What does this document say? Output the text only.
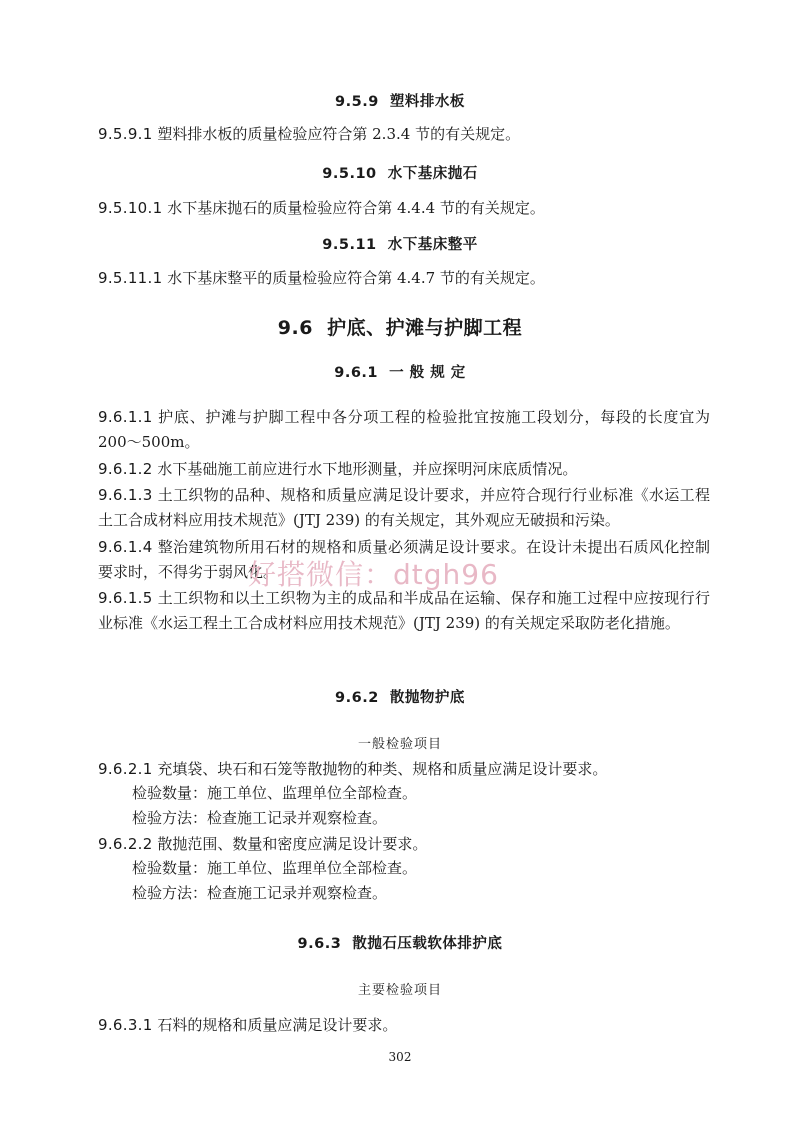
9.5.9  塑料排水板
9.5.9.1 塑料排水板的质量检验应符合第 2.3.4 节的有关规定。
9.5.10  水下基床抛石
9.5.10.1 水下基床抛石的质量检验应符合第 4.4.4 节的有关规定。
9.5.11  水下基床整平
9.5.11.1 水下基床整平的质量检验应符合第 4.4.7 节的有关规定。
9.6  护底、护滩与护脚工程
9.6.1  一 般 规 定
9.6.1.1 护底、护滩与护脚工程中各分项工程的检验批宜按施工段划分，每段的长度宜为200～500m。
9.6.1.2 水下基础施工前应进行水下地形测量，并应探明河床底质情况。
9.6.1.3 土工织物的品种、规格和质量应满足设计要求，并应符合现行行业标准《水运工程土工合成材料应用技术规范》(JTJ 239) 的有关规定，其外观应无破损和污染。
9.6.1.4 整治建筑物所用石材的规格和质量必须满足设计要求。在设计未提出石质风化控制要求时，不得劣于弱风化。
9.6.1.5 土工织物和以土工织物为主的成品和半成品在运输、保存和施工过程中应按现行行业标准《水运工程土工合成材料应用技术规范》(JTJ 239) 的有关规定采取防老化措施。
9.6.2  散抛物护底
一般检验项目
9.6.2.1 充填袋、块石和石笼等散抛物的种类、规格和质量应满足设计要求。
检验数量：施工单位、监理单位全部检查。
检验方法：检查施工记录并观察检查。
9.6.2.2 散抛范围、数量和密度应满足设计要求。
检验数量：施工单位、监理单位全部检查。
检验方法：检查施工记录并观察检查。
9.6.3  散抛石压载软体排护底
主要检验项目
9.6.3.1 石料的规格和质量应满足设计要求。
好搭微信：dtgh96
302
